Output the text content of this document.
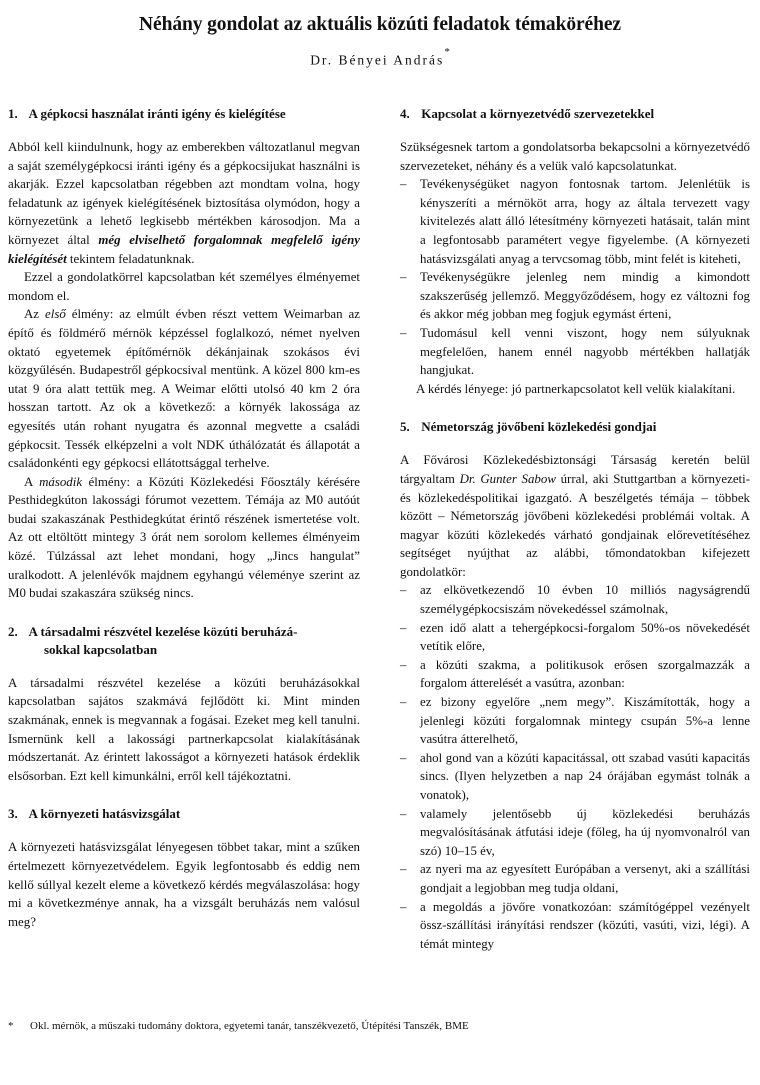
Néhány gondolat az aktuális közúti feladatok témaköréhez
Dr. Bényei András*
1. A gépkocsi használat iránti igény és kielégítése

Abból kell kiindulnunk, hogy az emberekben változatlanul megvan a saját személygépkocsi iránti igény és a gépkocsijukat használni is akarják. Ezzel kapcsolatban régebben azt mondtam volna, hogy feladatunk az igények kielégítésének biztosítása olymódon, hogy a környezetünk a lehető legkisebb mértékben károsodjon. Ma a környezet által még elviselhető forgalomnak megfelelő igény kielégítését tekintem feladatunknak.

Ezzel a gondolatkörrel kapcsolatban két személyes élményemet mondom el.

Az első élmény: az elmúlt évben részt vettem Weimarban az építő és földmérő mérnök képzéssel foglalkozó, német nyelven oktató egyetemek építőmérnök dékánjainak szokásos évi közgyűlésén. Budapestről gépkocsival mentünk. A közel 800 km-es utat 9 óra alatt tettük meg. A Weimar előtti utolsó 40 km 2 óra hosszan tartott. Az ok a következő: a környék lakossága az egyesítés után rohant nyugatra és azonnal megvette a családi gépkocsit. Tessék elképzelni a volt NDK úthálózatát és állapotát a családonkénti egy gépkocsi ellátottsággal terhelve.

A második élmény: a Közúti Közlekedési Főosztály kérésére Pesthidegkúton lakossági fórumot vezettem. Témája az M0 autóút budai szakaszának Pesthidegkútat érintő részének ismertetése volt. Az ott eltöltött mintegy 3 órát nem sorolom kellemes élményeim közé. Túlzással azt lehet mondani, hogy „Jincs hangulat” uralkodott. A jelenlévők majdnem egyhangú véleménye szerint az M0 budai szakaszára szükség nincs.

2. A társadalmi részvétel kezelése közúti beruházá-
sokkal kapcsolatban

A társadalmi részvétel kezelése a közúti beruházásokkal kapcsolatban sajátos szakmává fejlődött ki. Mint minden szakmának, ennek is megvannak a fogásai. Ezeket meg kell tanulni. Ismernünk kell a lakossági partnerkapcsolat kialakításának módszertanát. Az érintett lakosságot a környezeti hatások érdeklik elsősorban. Ezt kell kimunkálni, erről kell tájékoztatni.

3. A környezeti hatásvizsgálat

A környezeti hatásvizsgálat lényegesen többet takar, mint a szűken értelmezett környezetvédelem. Egyik legfontosabb és eddig nem kellő súllyal kezelt eleme a következő kérdés megválaszolása: hogy mi a következménye annak, ha a vizsgált beruházás nem valósul meg?

4. Kapcsolat a környezetvédő szervezetekkel

Szükségesnek tartom a gondolatsorba bekapcsolni a környezetvédő szervezeteket, néhány és a velük való kapcsolatunkat.

– Tevékenységüket nagyon fontosnak tartom. Jelenlétük is kényszeríti a mérnököt arra, hogy az általa tervezett vagy kivitelezés alatt álló létesítmény környezeti hatásait, talán mint a legfontosabb paramétert vegye figyelembe. (A környezeti hatásvizsgálati anyag a tervcsomag több, mint felét is kiteheti,
– Tevékenységükre jelenleg nem mindig a kimondott szakszerűség jellemző. Meggyőződésem, hogy ez változni fog és akkor még jobban meg fogjuk egymást érteni,
– Tudomásul kell venni viszont, hogy nem súlyuknak megfelelően, hanem ennél nagyobb mértékben hallatják hangjukat.

A kérdés lényege: jó partnerkapcsolatot kell velük kialakítani.

5. Németország jövőbeni közlekedési gondjai

A Fővárosi Közlekedésbiztonsági Társaság keretén belül tárgyaltam Dr. Gunter Sabow úrral, aki Stuttgartban a környezeti- és közlekedéspolitikai igazgató. A beszélgetés témája – többek között – Németország jövőbeni közlekedési problémái voltak. A magyar közúti közlekedés várható gondjainak előrevetítéséhez segítséget nyújthat az alábbi, tőmondatokban kifejezett gondolatkör:

– az elkövetkezendő 10 évben 10 milliós nagyságrendű személygépkocsiszám növekedéssel számolnak,
– ezen idő alatt a tehergépkocsi-forgalom 50%-os növekedését vetítik előre,
– a közúti szakma, a politikusok erősen szorgalmazzák a forgalom átterelését a vasútra, azonban:
– ez bizony egyelőre „nem megy”. Kiszámították, hogy a jelenlegi közúti forgalomnak mintegy csupán 5%-a lenne vasútra átterelhető,
– ahol gond van a közúti kapacitással, ott szabad vasúti kapacitás sincs. (Ilyen helyzetben a nap 24 órájában egymást tolnák a vonatok),
– valamely jelentősebb új közlekedési beruházás megvalósításának átfutási ideje (főleg, ha új nyomvonalról van szó) 10–15 év,
– az nyeri ma az egyesített Európában a versenyt, aki a szállítási gondjait a legjobban meg tudja oldani,
– a megoldás a jövőre vonatkozóan: számítógéppel vezényelt össz-szállítási irányítási rendszer (közúti, vasúti, vizi, légi). A témát mintegy
* Okl. mérnök, a műszaki tudomány doktora, egyetemi tanár, tanszékvezető, Útépítési Tanszék, BME
